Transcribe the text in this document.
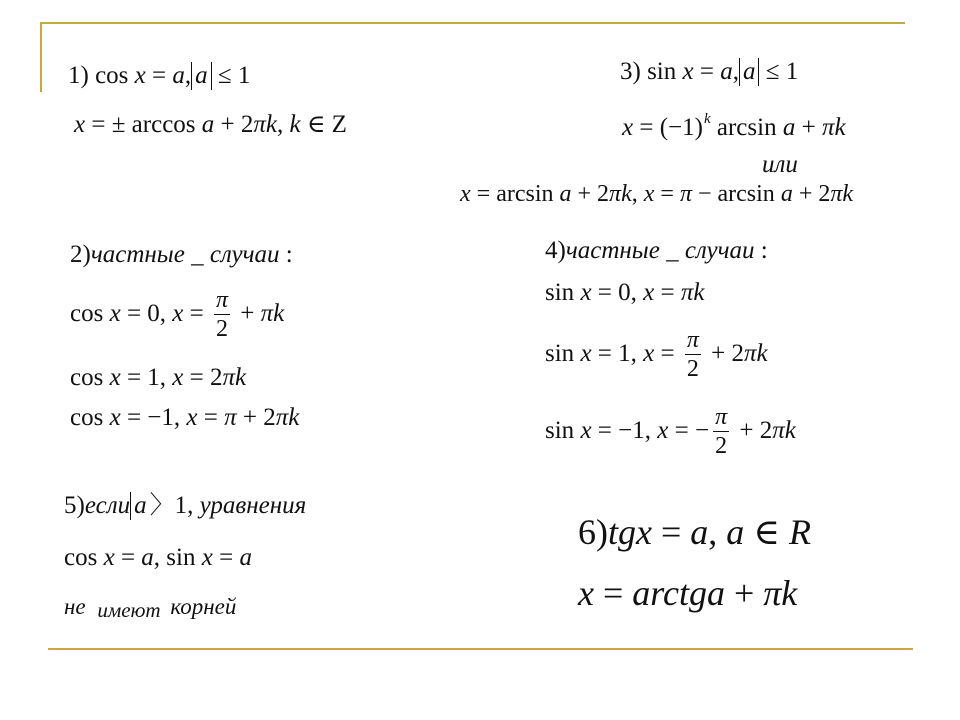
1) cos x = a, a ≤ 1
x = ± arccos a + 2πk, k ∈ Z
2)частные _ случаи :
cos x = 0, $x = \frac{\pi}{2} + \pi k$
cos x = 1, x = 2πk
cos x = −1, x = π + 2πk
3) sin x = a, a ≤ 1
$x = (-1)^k$ arcsin a + πk
или
x = arcsin a + 2πk, x = π − arcsin a + 2πk
4)частные _ случаи :
sin x = 0, x = πk
sin x = 1, $x = \frac{\pi}{2} + 2\pi k$
sin x = −1, x = − $\frac{\pi}{2} + 2\pi k$
5)если a 〉1, уравнения
cos x = a, sin x = a
не имеют корней
6)tgx = a, a ∈ R
x = arctga + πk
